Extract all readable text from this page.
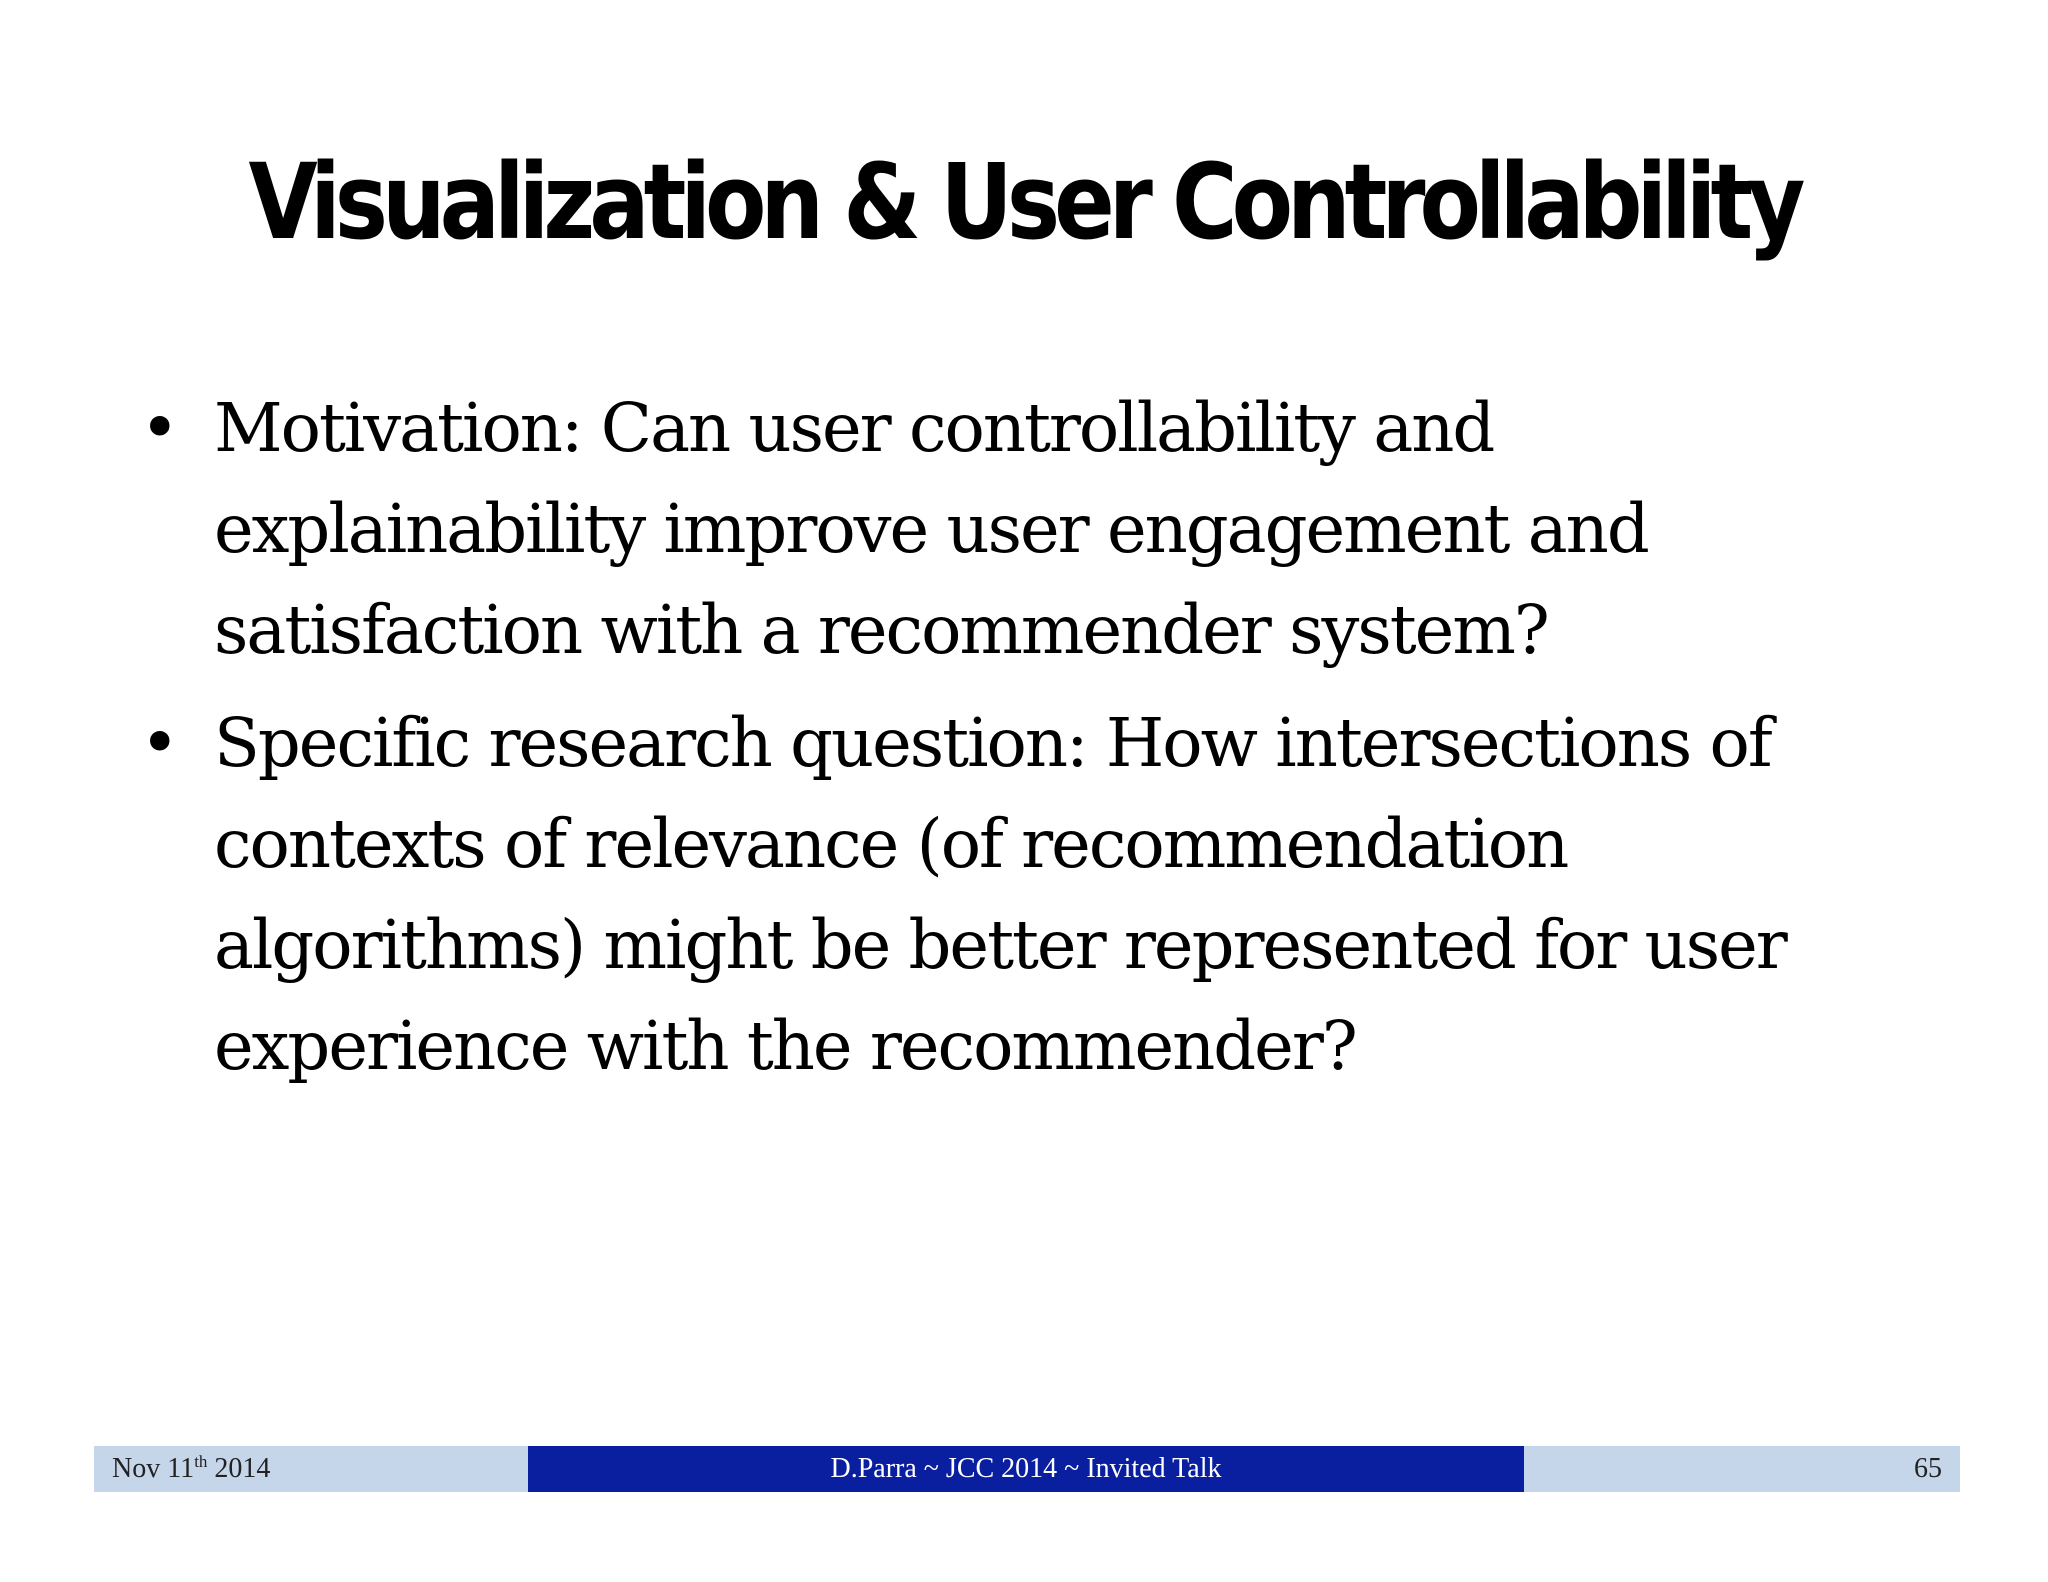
Visualization & User Controllability
• Motivation: Can user controllability and
explainability improve user engagement and
satisfaction with a recommender system?
• Specific research question: How intersections of
contexts of relevance (of recommendation
algorithms) might be better represented for user
experience with the recommender?
Nov 11th 2014	D.Parra ~ JCC 2014 ~ Invited Talk	65
